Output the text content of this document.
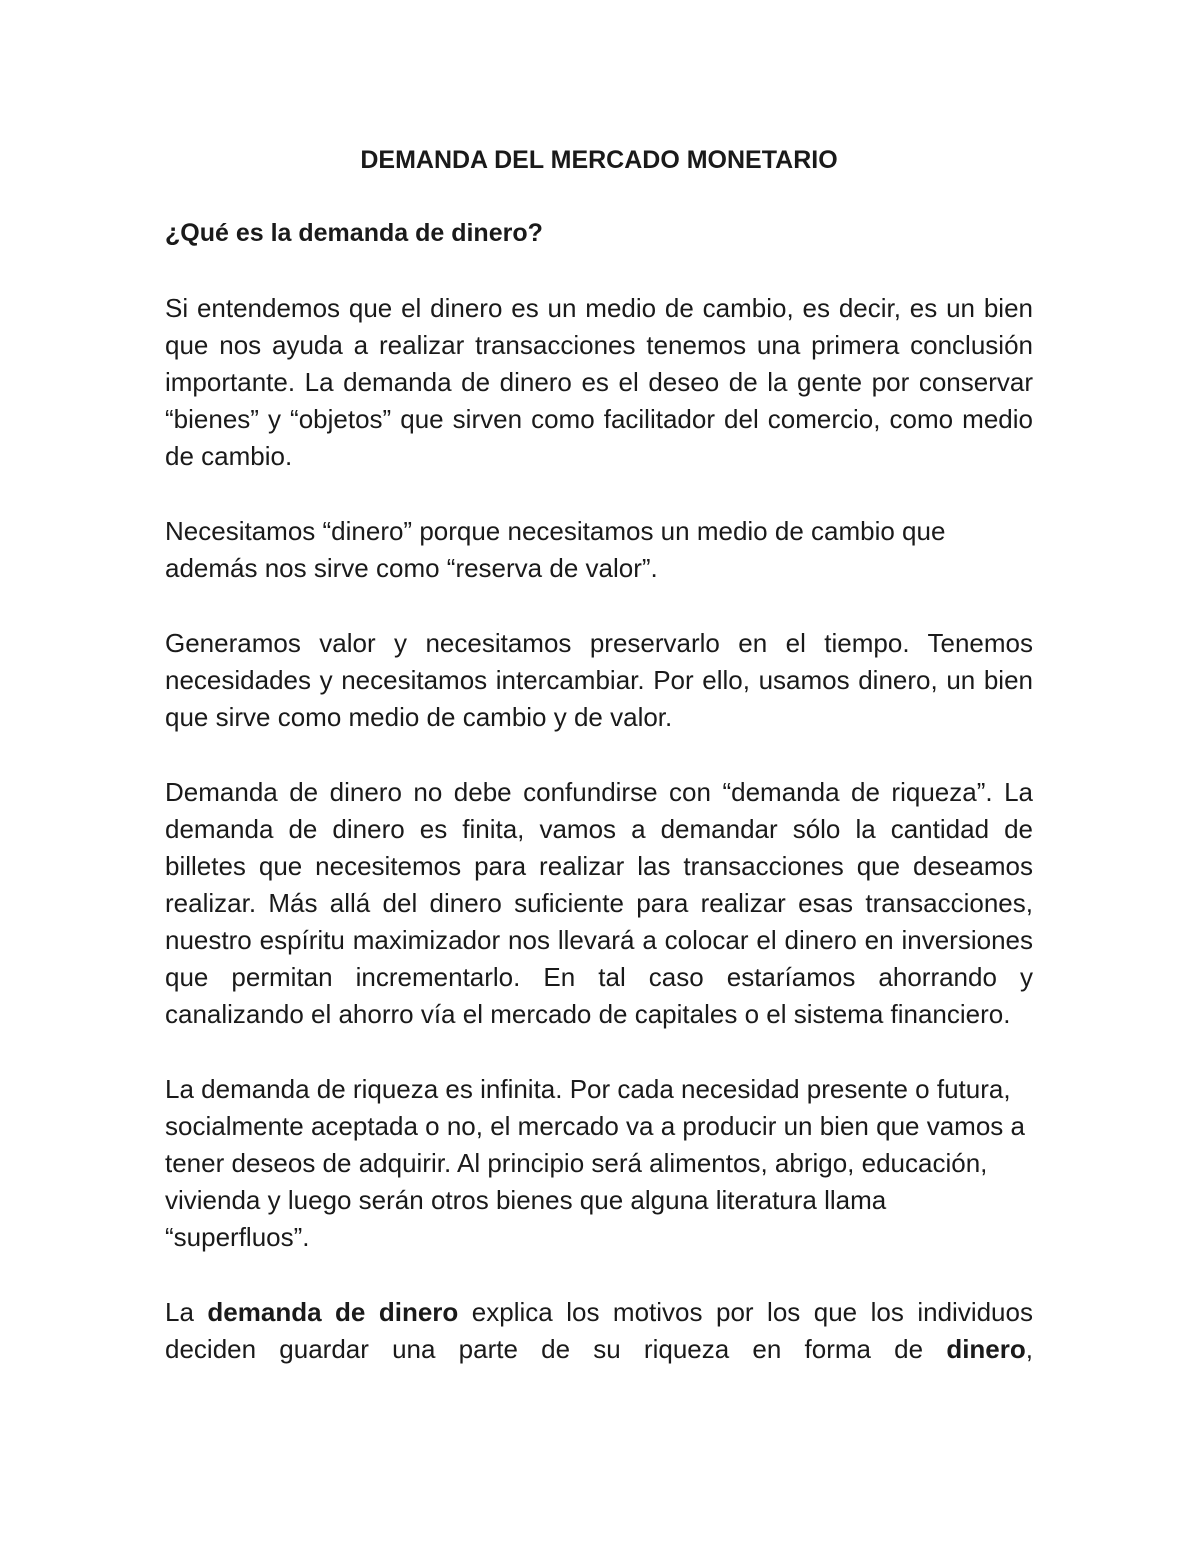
DEMANDA DEL MERCADO MONETARIO
¿Qué es la demanda de dinero?

Si entendemos que el dinero es un medio de cambio, es decir, es un bien que nos ayuda a realizar transacciones tenemos una primera conclusión importante. La demanda de dinero es el deseo de la gente por conservar “bienes” y “objetos” que sirven como facilitador del comercio, como medio de cambio.

Necesitamos “dinero” porque necesitamos un medio de cambio que además nos sirve como “reserva de valor”.

Generamos valor y necesitamos preservarlo en el tiempo. Tenemos necesidades y necesitamos intercambiar. Por ello, usamos dinero, un bien que sirve como medio de cambio y de valor.

Demanda de dinero no debe confundirse con “demanda de riqueza”. La demanda de dinero es finita, vamos a demandar sólo la cantidad de billetes que necesitemos para realizar las transacciones que deseamos realizar. Más allá del dinero suficiente para realizar esas transacciones, nuestro espíritu maximizador nos llevará a colocar el dinero en inversiones que permitan incrementarlo. En tal caso estaríamos ahorrando y canalizando el ahorro vía el mercado de capitales o el sistema financiero.

La demanda de riqueza es infinita. Por cada necesidad presente o futura, socialmente aceptada o no, el mercado va a producir un bien que vamos a tener deseos de adquirir. Al principio será alimentos, abrigo, educación, vivienda y luego serán otros bienes que alguna literatura llama “superfluos”.

La demanda de dinero explica los motivos por los que los individuos deciden guardar una parte de su riqueza en forma de dinero,
